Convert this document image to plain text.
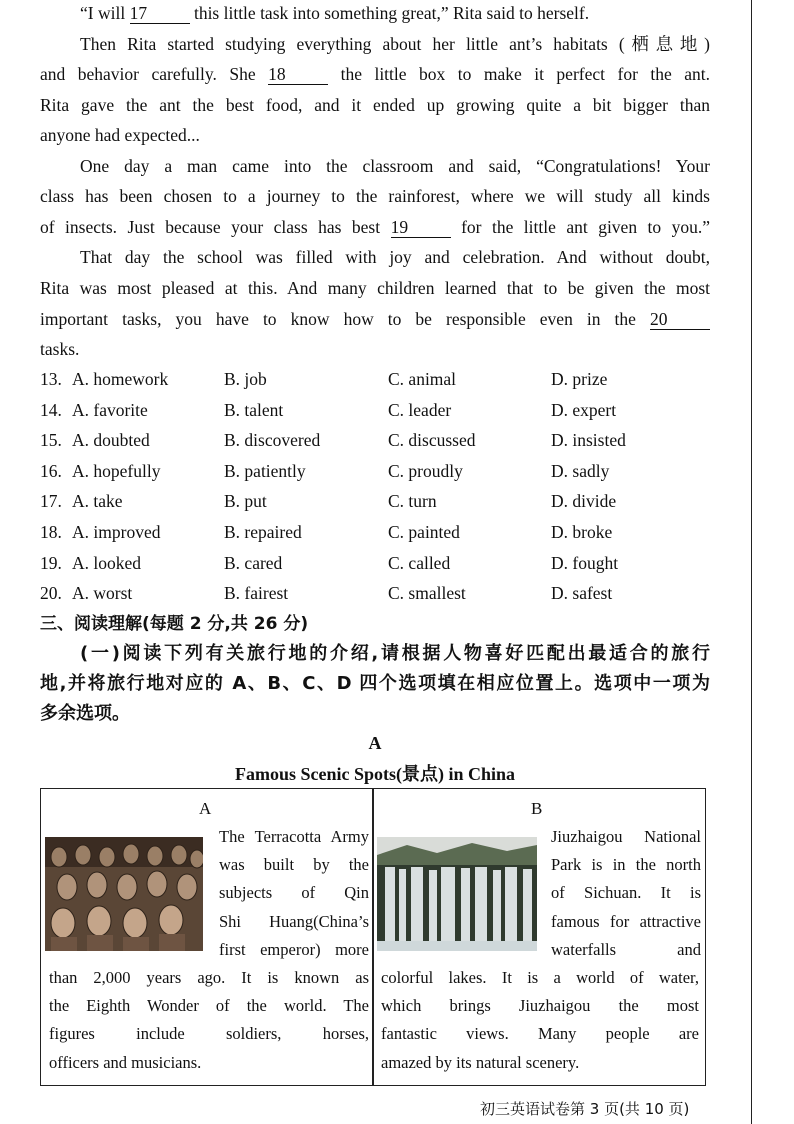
“I will 17	this little task into something great,” Rita said to herself.
Then Rita started studying everything about her little ant’s habitats (栖息地)
and behavior carefully. She 18	the little box to make it perfect for the ant.
Rita gave the ant the best food, and it ended up growing quite a bit bigger than
anyone had expected...
One day a man came into the classroom and said, “Congratulations! Your
class has been chosen to a journey to the rainforest, where we will study all kinds
of insects. Just because your class has best 19	for the little ant given to you.”
That day the school was filled with joy and celebration. And without doubt,
Rita was most pleased at this. And many children learned that to be given the most
important tasks, you have to know how to be responsible even in the 20
tasks.
13. A. homework	B. job	C. animal	D. prize
14. A. favorite	B. talent	C. leader	D. expert
15. A. doubted	B. discovered	C. discussed	D. insisted
16. A. hopefully	B. patiently	C. proudly	D. sadly
17. A. take	B. put	C. turn	D. divide
18. A. improved	B. repaired	C. painted	D. broke
19. A. looked	B. cared	C. called	D. fought
20. A. worst	B. fairest	C. smallest	D. safest
三、阅读理解(每题 2 分,共 26 分)
(一)阅读下列有关旅行地的介绍,请根据人物喜好匹配出最适合的旅行
地,并将旅行地对应的 A、B、C、D 四个选项填在相应位置上。选项中一项为
多余选项。
A
Famous Scenic Spots(景点) in China
A
The Terracotta Army
was built by the
subjects of Qin
Shi Huang(China’s
first emperor) more
than 2,000 years ago. It is known as
the Eighth Wonder of the world. The
figures include soldiers, horses,
officers and musicians.
B
Jiuzhaigou National
Park is in the north
of Sichuan. It is
famous for attractive
waterfalls and
colorful lakes. It is a world of water,
which brings Jiuzhaigou the most
fantastic views. Many people are
amazed by its natural scenery.
初三英语试卷第 3 页(共 10 页)
